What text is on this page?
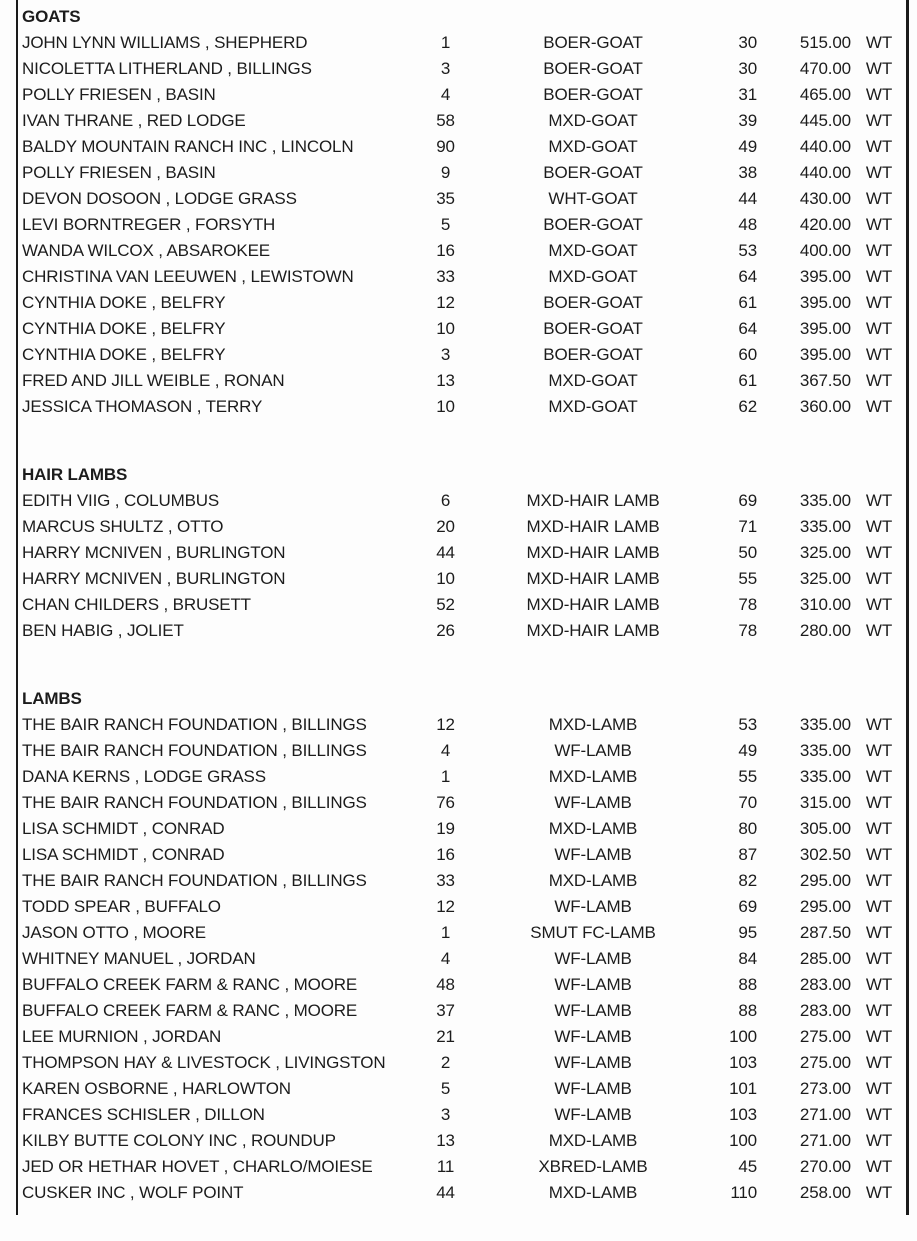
GOATS
JOHN LYNN WILLIAMS , SHEPHERD	1	BOER-GOAT	30	515.00 WT
NICOLETTA LITHERLAND , BILLINGS	3	BOER-GOAT	30	470.00 WT
POLLY FRIESEN , BASIN	4	BOER-GOAT	31	465.00 WT
IVAN THRANE , RED LODGE	58	MXD-GOAT	39	445.00 WT
BALDY MOUNTAIN RANCH INC , LINCOLN	90	MXD-GOAT	49	440.00 WT
POLLY FRIESEN , BASIN	9	BOER-GOAT	38	440.00 WT
DEVON DOSOON , LODGE GRASS	35	WHT-GOAT	44	430.00 WT
LEVI BORNTREGER , FORSYTH	5	BOER-GOAT	48	420.00 WT
WANDA WILCOX , ABSAROKEE	16	MXD-GOAT	53	400.00 WT
CHRISTINA VAN LEEUWEN , LEWISTOWN	33	MXD-GOAT	64	395.00 WT
CYNTHIA DOKE , BELFRY	12	BOER-GOAT	61	395.00 WT
CYNTHIA DOKE , BELFRY	10	BOER-GOAT	64	395.00 WT
CYNTHIA DOKE , BELFRY	3	BOER-GOAT	60	395.00 WT
FRED AND JILL WEIBLE , RONAN	13	MXD-GOAT	61	367.50 WT
JESSICA THOMASON , TERRY	10	MXD-GOAT	62	360.00 WT
HAIR LAMBS
EDITH VIIG , COLUMBUS	6	MXD-HAIR LAMB	69	335.00 WT
MARCUS SHULTZ , OTTO	20	MXD-HAIR LAMB	71	335.00 WT
HARRY MCNIVEN , BURLINGTON	44	MXD-HAIR LAMB	50	325.00 WT
HARRY MCNIVEN , BURLINGTON	10	MXD-HAIR LAMB	55	325.00 WT
CHAN CHILDERS , BRUSETT	52	MXD-HAIR LAMB	78	310.00 WT
BEN HABIG , JOLIET	26	MXD-HAIR LAMB	78	280.00 WT
LAMBS
THE BAIR RANCH FOUNDATION , BILLINGS	12	MXD-LAMB	53	335.00 WT
THE BAIR RANCH FOUNDATION , BILLINGS	4	WF-LAMB	49	335.00 WT
DANA KERNS , LODGE GRASS	1	MXD-LAMB	55	335.00 WT
THE BAIR RANCH FOUNDATION , BILLINGS	76	WF-LAMB	70	315.00 WT
LISA SCHMIDT , CONRAD	19	MXD-LAMB	80	305.00 WT
LISA SCHMIDT , CONRAD	16	WF-LAMB	87	302.50 WT
THE BAIR RANCH FOUNDATION , BILLINGS	33	MXD-LAMB	82	295.00 WT
TODD SPEAR , BUFFALO	12	WF-LAMB	69	295.00 WT
JASON OTTO , MOORE	1	SMUT FC-LAMB	95	287.50 WT
WHITNEY MANUEL , JORDAN	4	WF-LAMB	84	285.00 WT
BUFFALO CREEK FARM & RANC , MOORE	48	WF-LAMB	88	283.00 WT
BUFFALO CREEK FARM & RANC , MOORE	37	WF-LAMB	88	283.00 WT
LEE MURNION , JORDAN	21	WF-LAMB	100	275.00 WT
THOMPSON HAY & LIVESTOCK , LIVINGSTON	2	WF-LAMB	103	275.00 WT
KAREN OSBORNE , HARLOWTON	5	WF-LAMB	101	273.00 WT
FRANCES SCHISLER , DILLON	3	WF-LAMB	103	271.00 WT
KILBY BUTTE COLONY INC , ROUNDUP	13	MXD-LAMB	100	271.00 WT
JED OR HETHAR HOVET , CHARLO/MOIESE	11	XBRED-LAMB	45	270.00 WT
CUSKER INC , WOLF POINT	44	MXD-LAMB	110	258.00 WT
